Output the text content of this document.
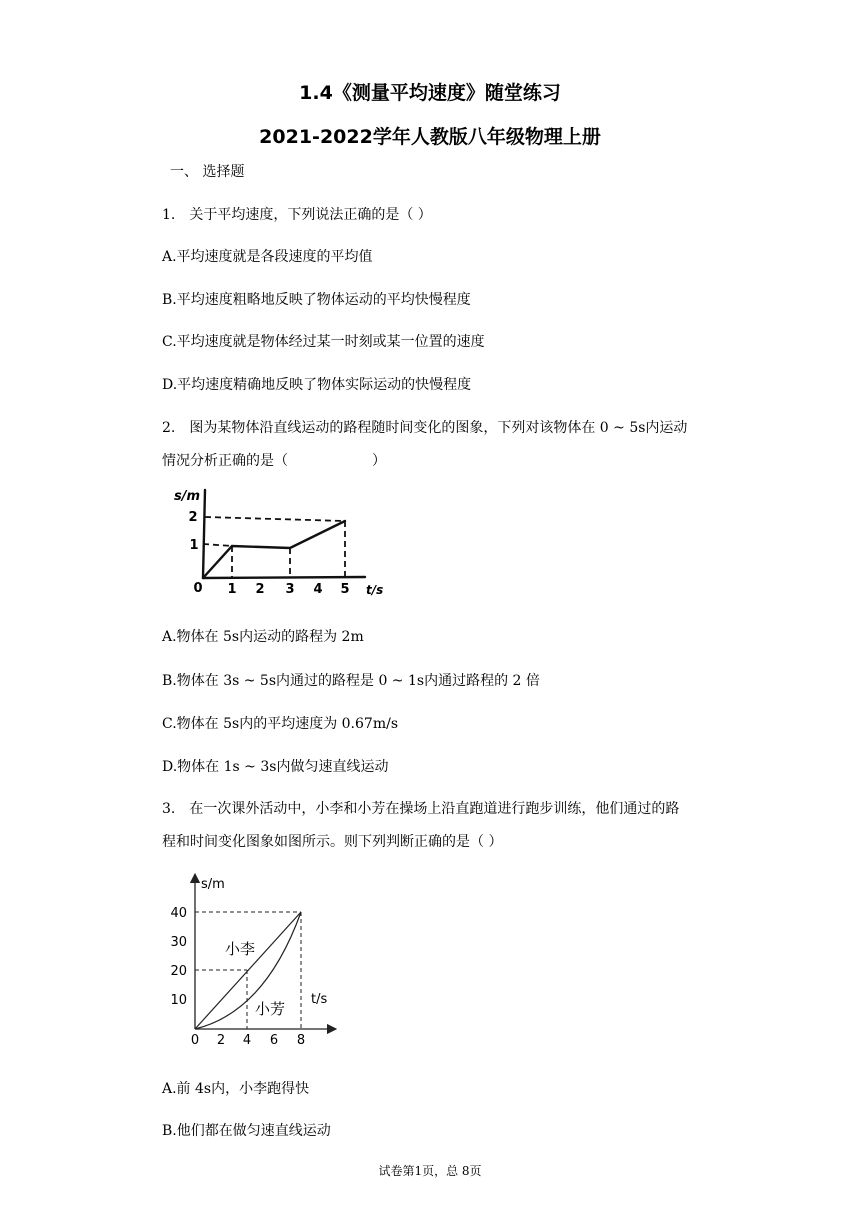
1.4《测量平均速度》随堂练习
2021-2022学年人教版八年级物理上册
一、 选择题
1.　关于平均速度，下列说法正确的是（ ）
A.平均速度就是各段速度的平均值
B.平均速度粗略地反映了物体运动的平均快慢程度
C.平均速度就是物体经过某一时刻或某一位置的速度
D.平均速度精确地反映了物体实际运动的快慢程度
2.　图为某物体沿直线运动的路程随时间变化的图象，下列对该物体在 0 ~ 5s内运动
情况分析正确的是（　　　　　　）
s/m
2
1
0 1 2 3 4 5 t/s
A.物体在 5s内运动的路程为 2m
B.物体在 3s ~ 5s内通过的路程是 0 ~ 1s内通过路程的 2 倍
C.物体在 5s内的平均速度为 0.67m/s
D.物体在 1s ~ 3s内做匀速直线运动
3.　在一次课外活动中，小李和小芳在操场上沿直跑道进行跑步训练，他们通过的路
程和时间变化图象如图所示。则下列判断正确的是（ ）
s/m
40
30
20
10
0 2 4 6 8
t/s
小李
小芳
A.前 4s内，小李跑得快
B.他们都在做匀速直线运动
试卷第1页，总 8页
